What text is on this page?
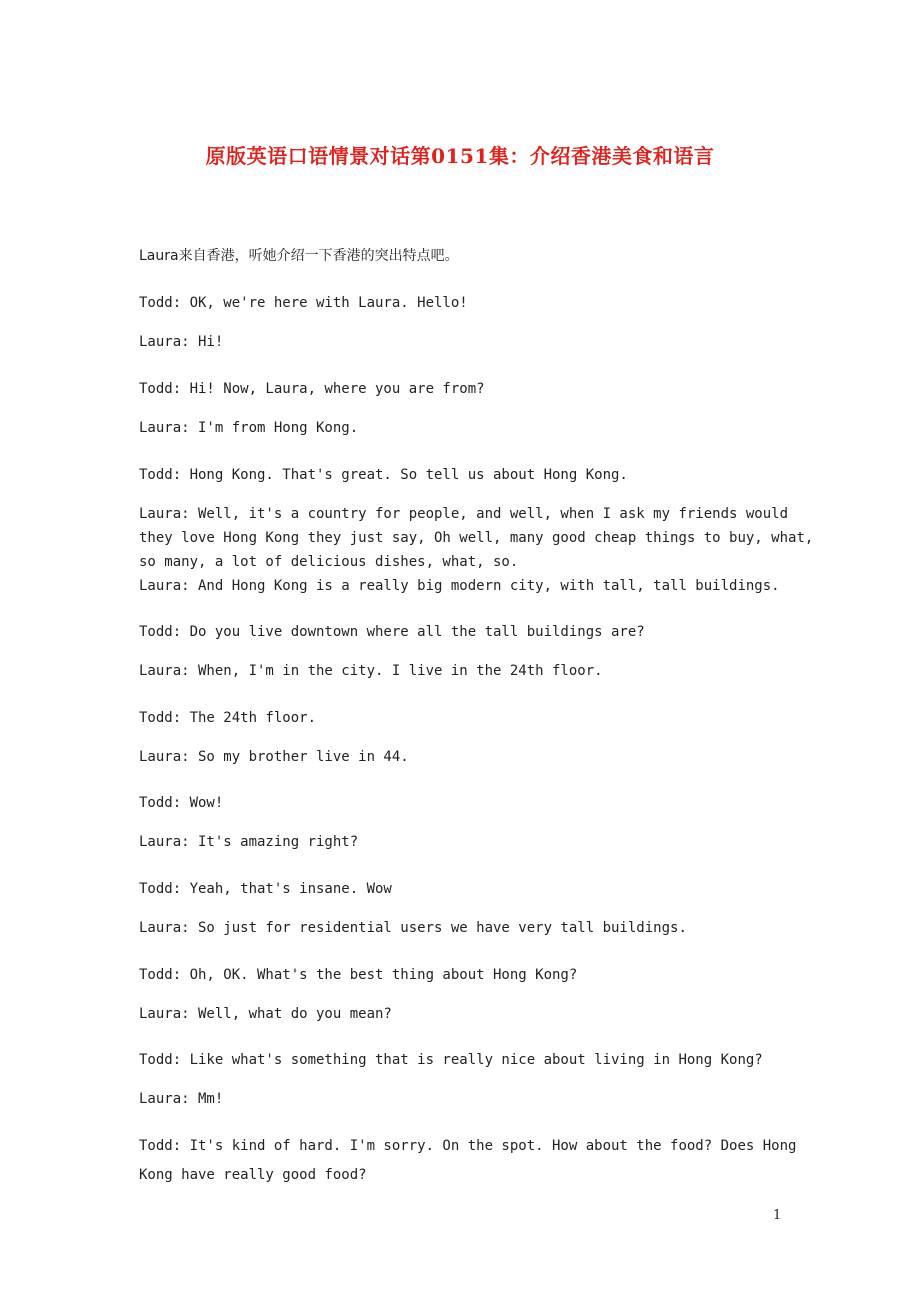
原版英语口语情景对话第0151集：介绍香港美食和语言
Laura来自香港，听她介绍一下香港的突出特点吧。
Todd: OK, we're here with Laura. Hello!
Laura: Hi!
Todd: Hi! Now, Laura, where you are from?
Laura: I'm from Hong Kong.
Todd: Hong Kong. That's great. So tell us about Hong Kong.
Laura: Well, it's a country for people, and well, when I ask my friends would
they love Hong Kong they just say, Oh well, many good cheap things to buy, what,
so many, a lot of delicious dishes, what, so.
Laura: And Hong Kong is a really big modern city, with tall, tall buildings.
Todd: Do you live downtown where all the tall buildings are?
Laura: When, I'm in the city. I live in the 24th floor.
Todd: The 24th floor.
Laura: So my brother live in 44.
Todd: Wow!
Laura: It's amazing right?
Todd: Yeah, that's insane. Wow
Laura: So just for residential users we have very tall buildings.
Todd: Oh, OK. What's the best thing about Hong Kong?
Laura: Well, what do you mean?
Todd: Like what's something that is really nice about living in Hong Kong?
Laura: Mm!
Todd: It's kind of hard. I'm sorry. On the spot. How about the food? Does Hong
Kong have really good food?
1
